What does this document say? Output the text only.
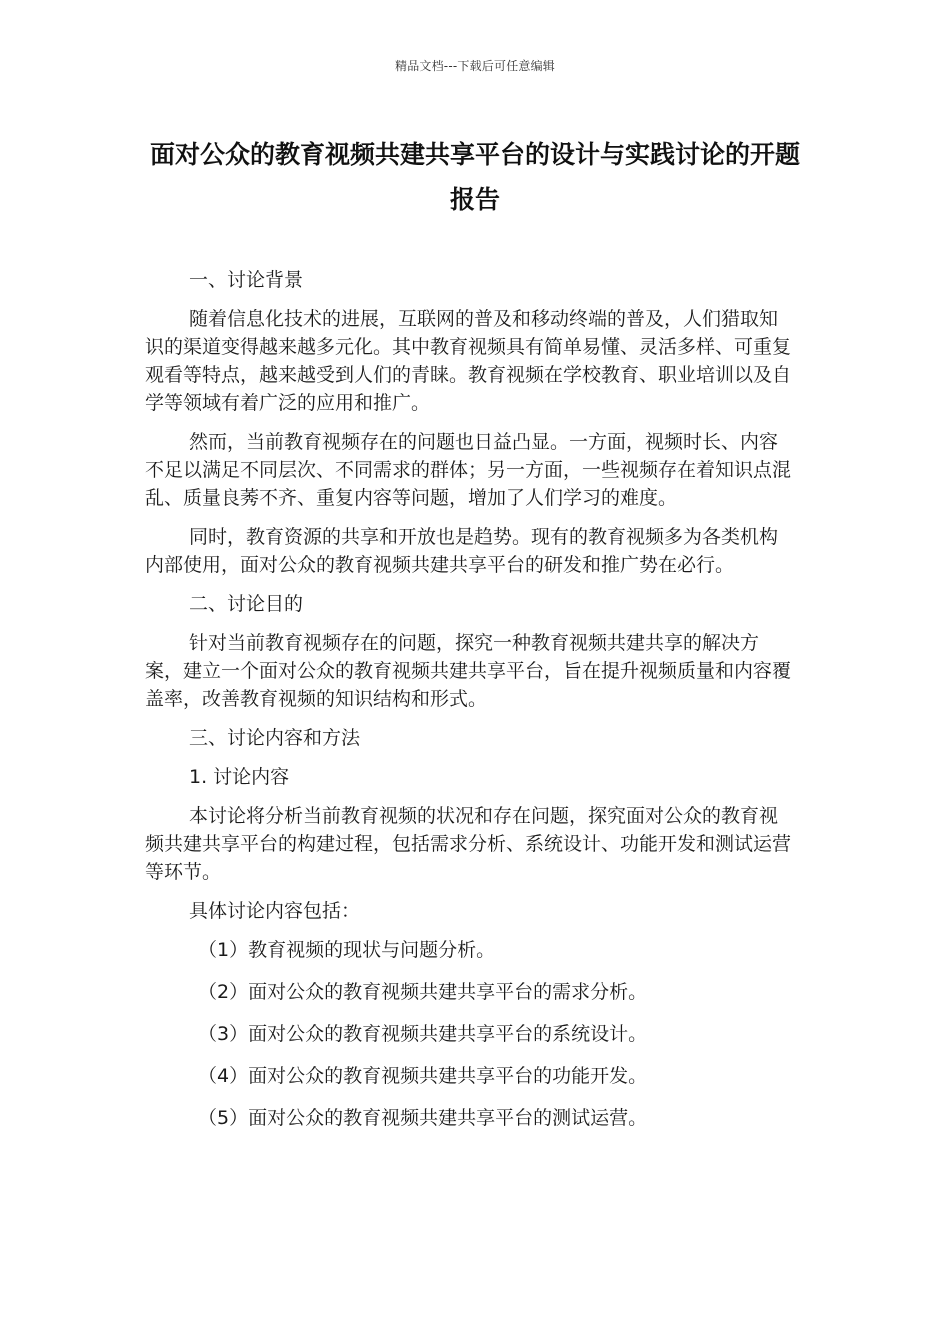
精品文档---下载后可任意编辑
面对公众的教育视频共建共享平台的设计与实践讨论的开题报告

一、讨论背景

随着信息化技术的进展，互联网的普及和移动终端的普及，人们猎取知识的渠道变得越来越多元化。其中教育视频具有简单易懂、灵活多样、可重复观看等特点，越来越受到人们的青睐。教育视频在学校教育、职业培训以及自学等领域有着广泛的应用和推广。

然而，当前教育视频存在的问题也日益凸显。一方面，视频时长、内容不足以满足不同层次、不同需求的群体；另一方面，一些视频存在着知识点混乱、质量良莠不齐、重复内容等问题，增加了人们学习的难度。

同时，教育资源的共享和开放也是趋势。现有的教育视频多为各类机构内部使用，面对公众的教育视频共建共享平台的研发和推广势在必行。

二、讨论目的

针对当前教育视频存在的问题，探究一种教育视频共建共享的解决方案，建立一个面对公众的教育视频共建共享平台，旨在提升视频质量和内容覆盖率，改善教育视频的知识结构和形式。

三、讨论内容和方法

1. 讨论内容

本讨论将分析当前教育视频的状况和存在问题，探究面对公众的教育视频共建共享平台的构建过程，包括需求分析、系统设计、功能开发和测试运营等环节。

具体讨论内容包括：

（1）教育视频的现状与问题分析。

（2）面对公众的教育视频共建共享平台的需求分析。

（3）面对公众的教育视频共建共享平台的系统设计。

（4）面对公众的教育视频共建共享平台的功能开发。

（5）面对公众的教育视频共建共享平台的测试运营。
